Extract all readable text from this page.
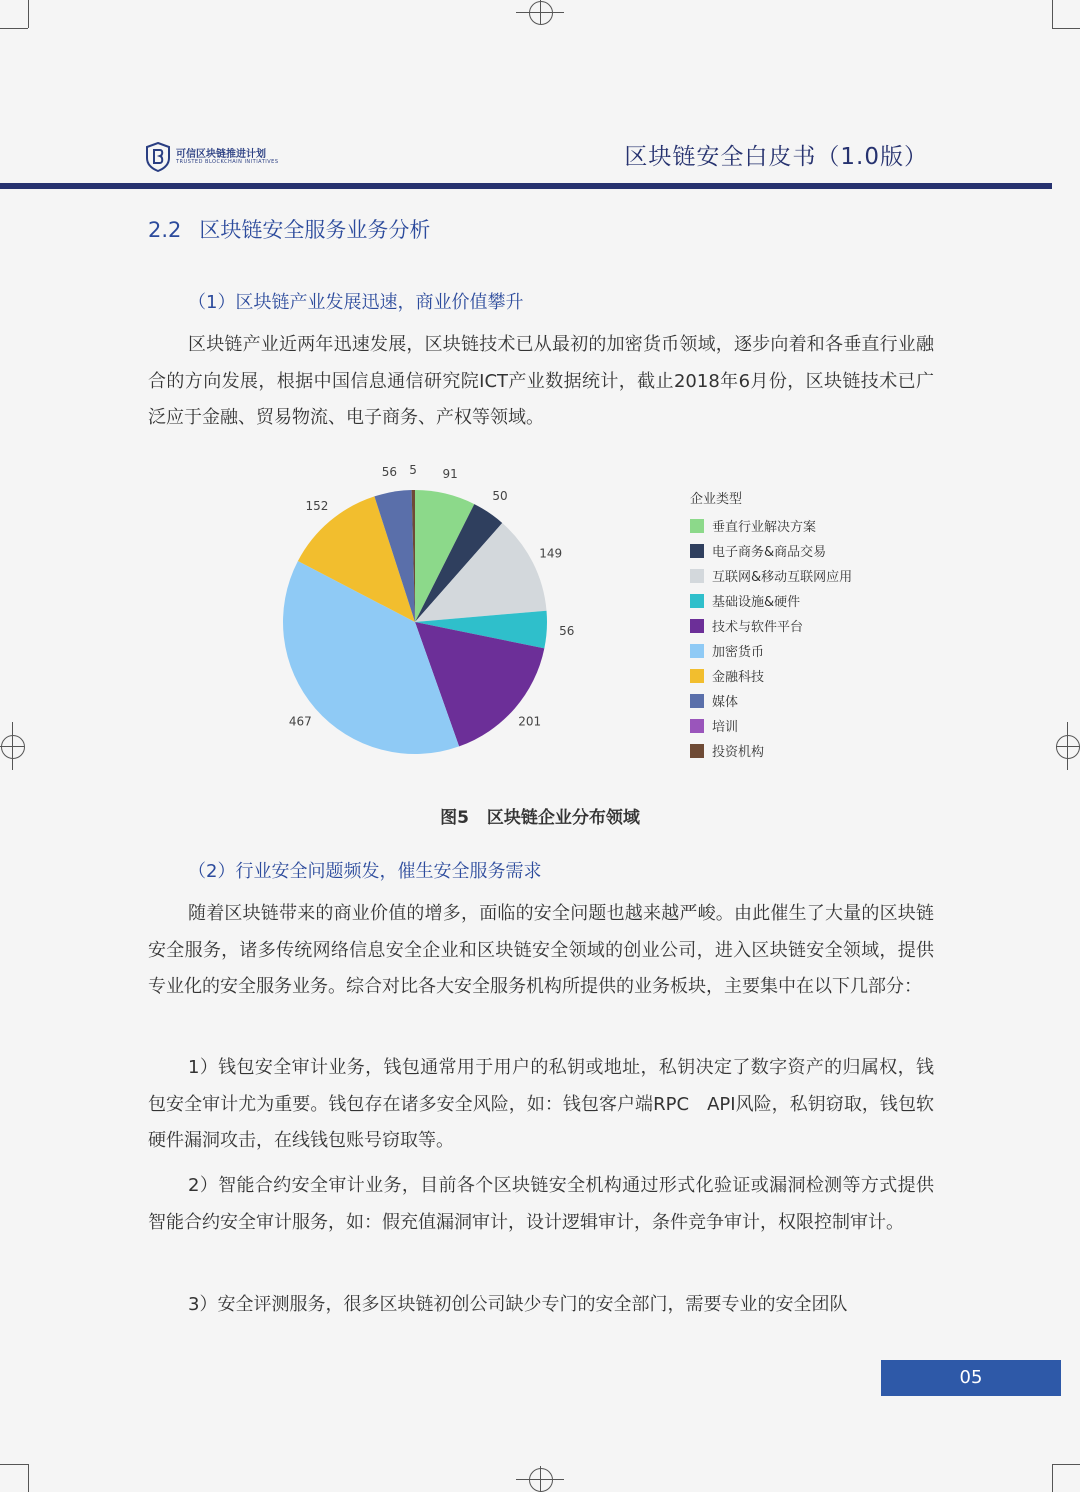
可信区块链推进计划
TRUSTED BLOCKCHAIN INITIATIVES	区块链安全白皮书（1.0版）
2.2 区块链安全服务业务分析
（1）区块链产业发展迅速，商业价值攀升

区块链产业近两年迅速发展，区块链技术已从最初的加密货币领域，逐步向着和各垂直行业融合的方向发展，根据中国信息通信研究院ICT产业数据统计，截止2018年6月份，区块链技术已广泛应于金融、贸易物流、电子商务、产权等领域。

91
50
149
56
201
467
152
56 5
企业类型
垂直行业解决方案
电子商务&商品交易
互联网&移动互联网应用
基础设施&硬件
技术与软件平台
加密货币
金融科技
媒体
培训
投资机构
图5 区块链企业分布领域
（2）行业安全问题频发，催生安全服务需求

随着区块链带来的商业价值的增多，面临的安全问题也越来越严峻。由此催生了大量的区块链安全服务，诸多传统网络信息安全企业和区块链安全领域的创业公司，进入区块链安全领域，提供专业化的安全服务业务。综合对比各大安全服务机构所提供的业务板块，主要集中在以下几部分：

1）钱包安全审计业务，钱包通常用于用户的私钥或地址，私钥决定了数字资产的归属权，钱包安全审计尤为重要。钱包存在诸多安全风险，如：钱包客户端RPC　API风险，私钥窃取，钱包软硬件漏洞攻击，在线钱包账号窃取等。

2）智能合约安全审计业务，目前各个区块链安全机构通过形式化验证或漏洞检测等方式提供智能合约安全审计服务，如：假充值漏洞审计，设计逻辑审计，条件竞争审计，权限控制审计。

3）安全评测服务，很多区块链初创公司缺少专门的安全部门，需要专业的安全团队

05
